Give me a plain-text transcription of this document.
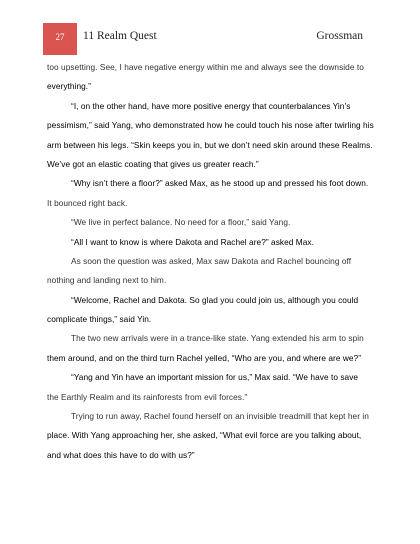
27	11 Realm Quest	Grossman
too upsetting. See, I have negative energy within me and always see the downside to
everything.”
“I, on the other hand, have more positive energy that counterbalances Yin’s
pessimism,” said Yang, who demonstrated how he could touch his nose after twirling his
arm between his legs. “Skin keeps you in, but we don’t need skin around these Realms.
We’ve got an elastic coating that gives us greater reach.”
“Why isn’t there a floor?” asked Max, as he stood up and pressed his foot down.
It bounced right back.
“We live in perfect balance. No need for a floor,” said Yang.
“All I want to know is where Dakota and Rachel are?” asked Max.
As soon the question was asked, Max saw Dakota and Rachel bouncing off
nothing and landing next to him.
“Welcome, Rachel and Dakota. So glad you could join us, although you could
complicate things,” said Yin.
The two new arrivals were in a trance-like state. Yang extended his arm to spin
them around, and on the third turn Rachel yelled, “Who are you, and where are we?”
“Yang and Yin have an important mission for us,” Max said. “We have to save
the Earthly Realm and its rainforests from evil forces.”
Trying to run away, Rachel found herself on an invisible treadmill that kept her in
place. With Yang approaching her, she asked, “What evil force are you talking about,
and what does this have to do with us?”
